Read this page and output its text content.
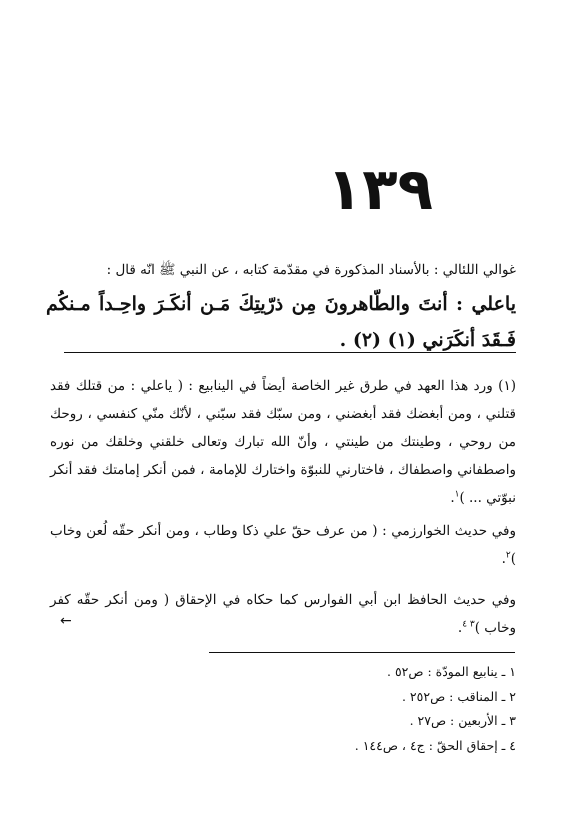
١٣٩
غوالي اللئالي : بالأسناد المذكورة في مقدّمة كتابه ، عن النبي ﷺ انّه قال :
ياعلي : أنتَ والطّاهرونَ مِن ذرّيتِكَ مَـن أنكَـرَ واحِـداً مـنكُم فَـقَدَ أنكَرَني (١) (٢) .
(١) ورد هذا العهد في طرق غير الخاصة أيضاً في الينابيع : ( ياعلي : من قتلك فقد قتلني ، ومن أبغضك فقد أبغضني ، ومن سبّك فقد سبّني ، لأنّك منّي كنفسي ، روحك من روحي ، وطينتك من طينتي ، وأنّ الله تبارك وتعالى خلقني وخلقك من نوره واصطفاني واصطفاك ، فاختارني للنبوّة واختارك للإمامة ، فمن أنكر إمامتك فقد أنكر نبوّتي ... )$^١$.
وفي حديث الخوارزمي : ( من عرف حقّ علي ذكا وطاب ، ومن أنكر حقّه لُعن وخاب )$^٢$.
وفي حديث الحافظ ابن أبي الفوارس كما حكاه في الإحقاق ( ومن أنكر حقّه كفر وخاب )$^{٣ ٤}$.
←
١ ـ ينابيع المودّة : ص٥٢ .
٢ ـ المناقب : ص٢٥٢ .
٣ ـ الأربعين : ص٢٧ .
٤ ـ إحقاق الحقّ : ج٤ ، ص١٤٤ .
